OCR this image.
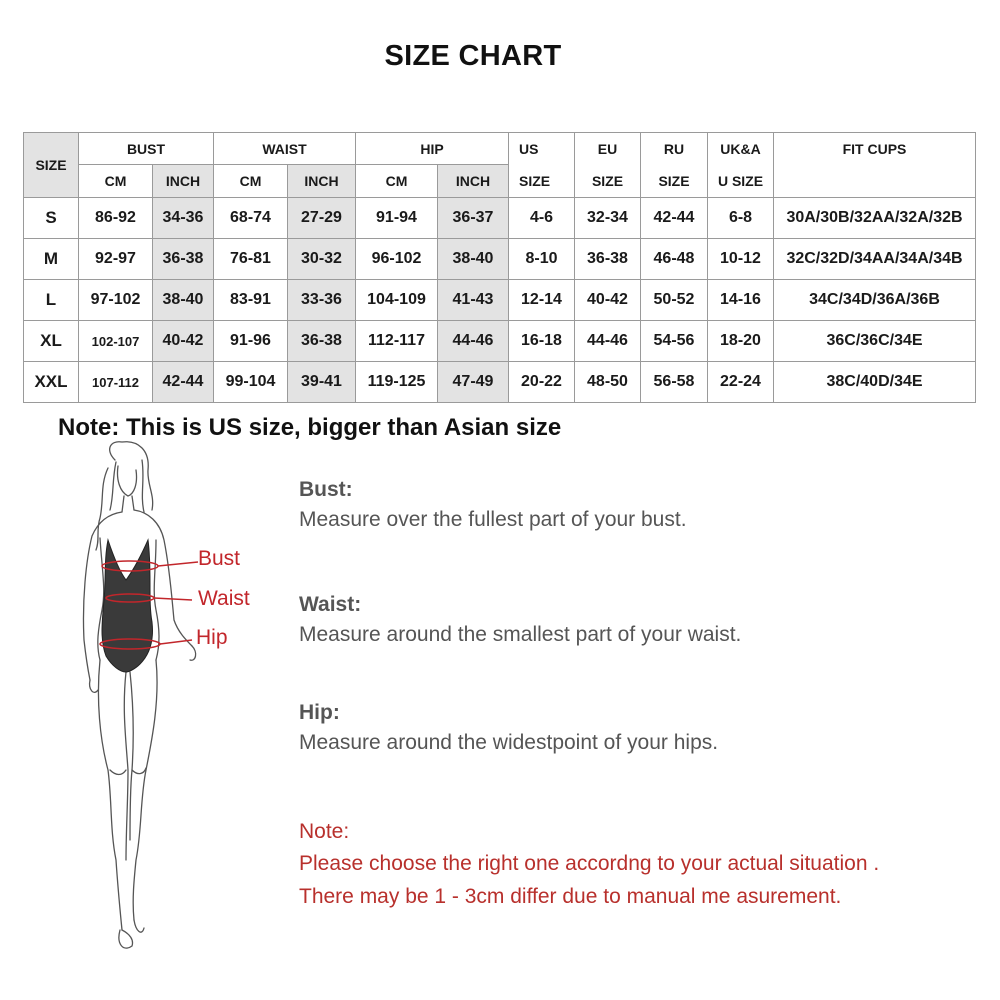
SIZE CHART
SIZE	BUST		WAIST		HIP		US	EU	RU	UK&A	FIT CUPS
	CM	INCH	CM	INCH	CM	INCH	SIZE	SIZE	SIZE	U SIZE	
S	86-92	34-36	68-74	27-29	91-94	36-37	4-6	32-34	42-44	6-8	30A/30B/32AA/32A/32B
M	92-97	36-38	76-81	30-32	96-102	38-40	8-10	36-38	46-48	10-12	32C/32D/34AA/34A/34B
L	97-102	38-40	83-91	33-36	104-109	41-43	12-14	40-42	50-52	14-16	34C/34D/36A/36B
XL	102-107	40-42	91-96	36-38	112-117	44-46	16-18	44-46	54-56	18-20	36C/36C/34E
XXL	107-112	42-44	99-104	39-41	119-125	47-49	20-22	48-50	56-58	22-24	38C/40D/34E
Note: This is US size, bigger than Asian size
Bust
Waist
Hip
Bust:
Measure over the fullest part of your bust.
Waist:
Measure around the smallest part of your waist.
Hip:
Measure around the widestpoint of your hips.
Note:
Please choose the right one accordng to your actual situation .
There may be 1 - 3cm differ due to manual me asurement.
